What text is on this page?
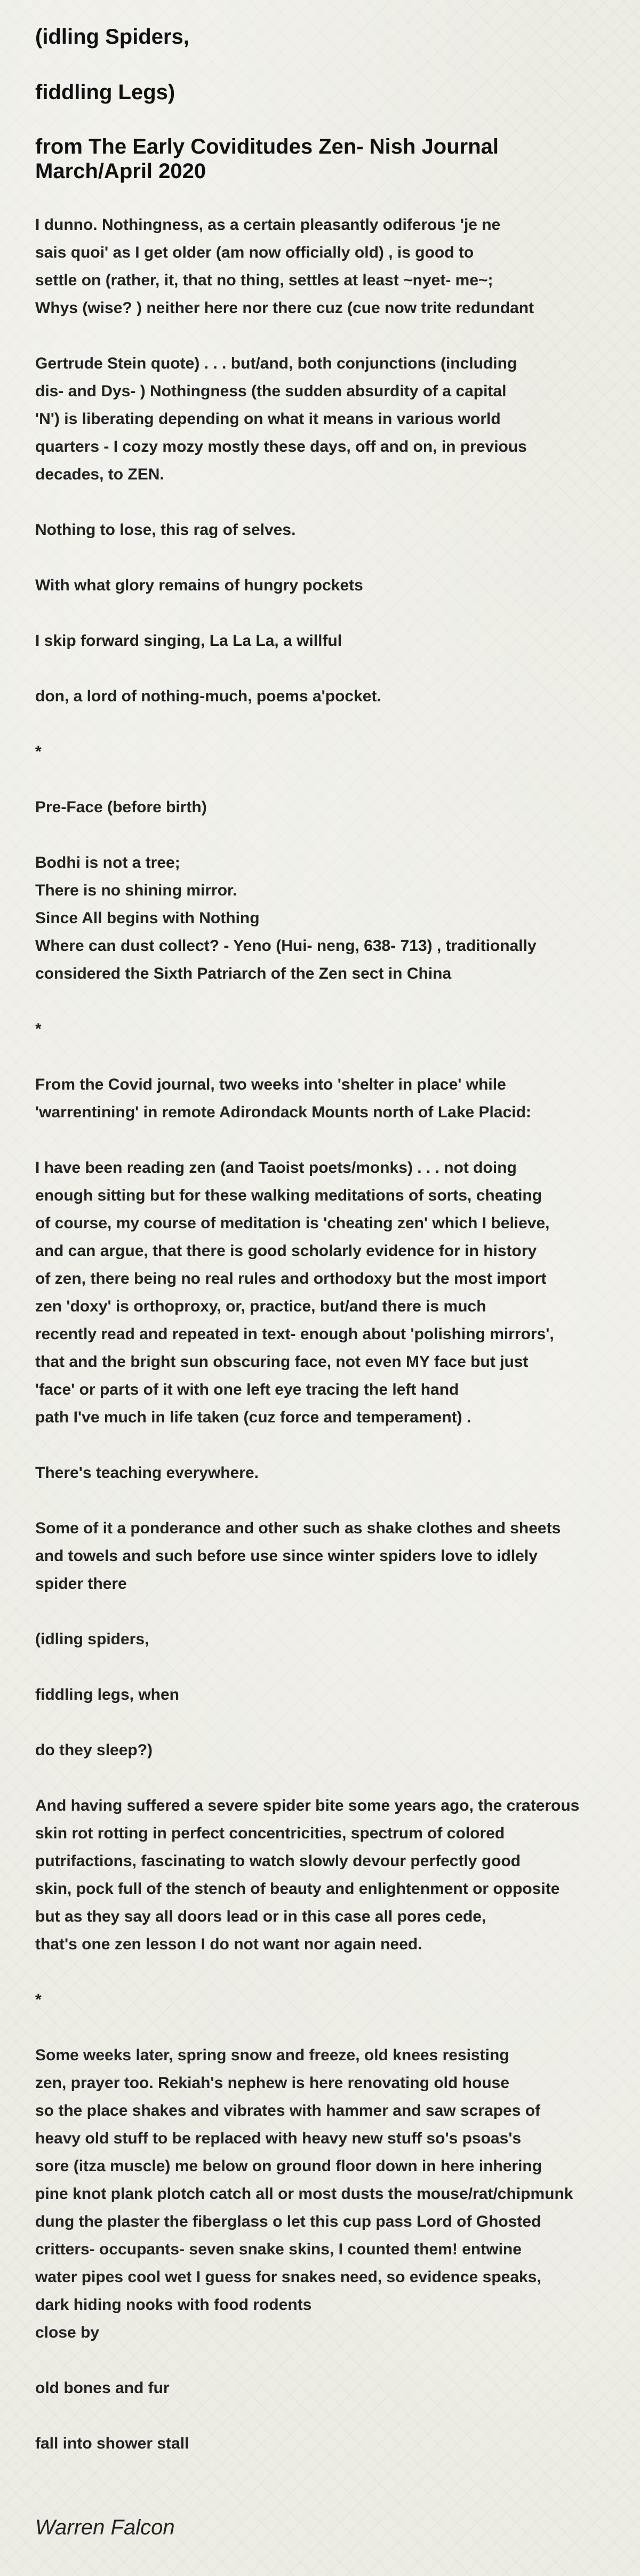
(idling Spiders,
fiddling Legs)
from The Early Coviditudes Zen- Nish Journal
March/April 2020
I dunno. Nothingness, as a certain pleasantly odiferous 'je ne
sais quoi' as I get older (am now officially old) , is good to
settle on (rather, it, that no thing, settles at least ~nyet- me~;
Whys (wise? ) neither here nor there cuz (cue now trite redundant
Gertrude Stein quote) . . . but/and, both conjunctions (including
dis- and Dys- ) Nothingness (the sudden absurdity of a capital
'N') is liberating depending on what it means in various world
quarters - I cozy mozy mostly these days, off and on, in previous
decades, to ZEN.
Nothing to lose, this rag of selves.
With what glory remains of hungry pockets
I skip forward singing, La La La, a willful
don, a lord of nothing-much, poems a'pocket.
*
Pre-Face (before birth)
Bodhi is not a tree;
There is no shining mirror.
Since All begins with Nothing
Where can dust collect? - Yeno (Hui- neng, 638- 713) , traditionally
considered the Sixth Patriarch of the Zen sect in China
*
From the Covid journal, two weeks into 'shelter in place' while
'warrentining' in remote Adirondack Mounts north of Lake Placid:
I have been reading zen (and Taoist poets/monks) . . . not doing
enough sitting but for these walking meditations of sorts, cheating
of course, my course of meditation is 'cheating zen' which I believe,
and can argue, that there is good scholarly evidence for in history
of zen, there being no real rules and orthodoxy but the most import
zen 'doxy' is orthoproxy, or, practice, but/and there is much
recently read and repeated in text- enough about 'polishing mirrors',
that and the bright sun obscuring face, not even MY face but just
'face' or parts of it with one left eye tracing the left hand
path I've much in life taken (cuz force and temperament) .
There's teaching everywhere.
Some of it a ponderance and other such as shake clothes and sheets
and towels and such before use since winter spiders love to idlely
spider there
(idling spiders,
fiddling legs, when
do they sleep?)
And having suffered a severe spider bite some years ago, the craterous
skin rot rotting in perfect concentricities, spectrum of colored
putrifactions, fascinating to watch slowly devour perfectly good
skin, pock full of the stench of beauty and enlightenment or opposite
but as they say all doors lead or in this case all pores cede,
that's one zen lesson I do not want nor again need.
*
Some weeks later, spring snow and freeze, old knees resisting
zen, prayer too. Rekiah's nephew is here renovating old house
so the place shakes and vibrates with hammer and saw scrapes of
heavy old stuff to be replaced with heavy new stuff so's psoas's
sore (itza muscle) me below on ground floor down in here inhering
pine knot plank plotch catch all or most dusts the mouse/rat/chipmunk
dung the plaster the fiberglass o let this cup pass Lord of Ghosted
critters- occupants- seven snake skins, I counted them! entwine
water pipes cool wet I guess for snakes need, so evidence speaks,
dark hiding nooks with food rodents
close by
old bones and fur
fall into shower stall
Warren Falcon
